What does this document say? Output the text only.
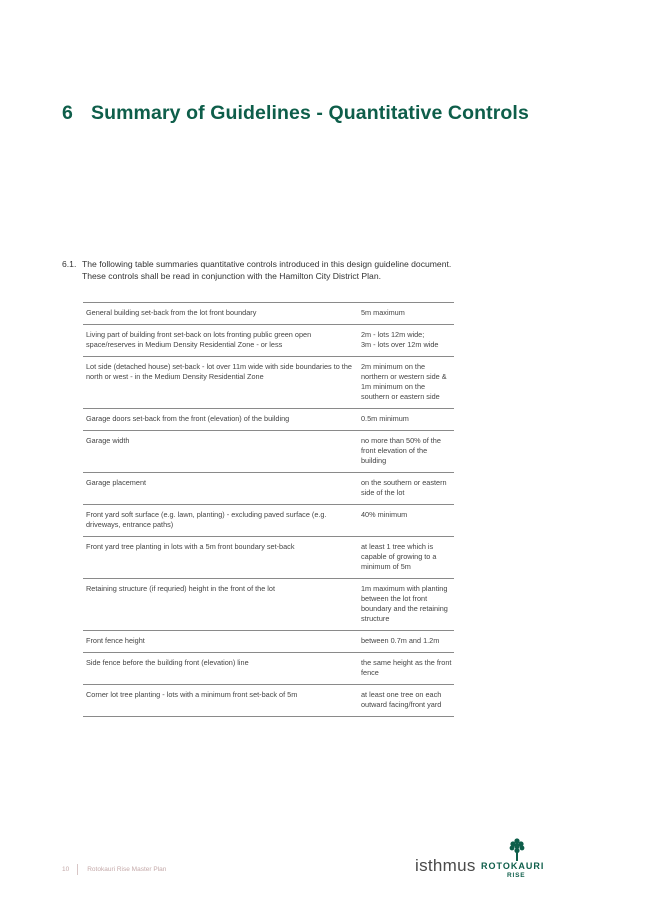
6 Summary of Guidelines - Quantitative Controls
6.1. The following table summaries quantitative controls introduced in this design guideline document. These controls shall be read in conjunction with the Hamilton City District Plan.
General building set-back from the lot front boundary	5m maximum
Living part of building front set-back on lots fronting public green open space/reserves in Medium Density Residential Zone - or less	2m - lots 12m wide;
3m - lots over 12m wide
Lot side (detached house) set-back - lot over 11m wide with side boundaries to the north or west - in the Medium Density Residential Zone	2m minimum on the northern or western side & 1m minimum on the southern or eastern side
Garage doors set-back from the front (elevation) of the building	0.5m minimum
Garage width	no more than 50% of the front elevation of the building
Garage placement	on the southern or eastern side of the lot
Front yard soft surface (e.g. lawn, planting) - excluding paved surface (e.g. driveways, entrance paths)	40% minimum
Front yard tree planting in lots with a 5m front boundary set-back	at least 1 tree which is capable of growing to a minimum of 5m
Retaining structure (if requried) height in the front of the lot	1m maximum with planting between the lot front boundary and the retaining structure
Front fence height	between 0.7m and 1.2m
Side fence before the building front (elevation) line	the same height as the front fence
Corner lot tree planting - lots with a minimum front set-back of 5m	at least one tree on each outward facing/front yard
10	Rotokauri Rise Master Plan	isthmus ROTOKAURI
RISE
